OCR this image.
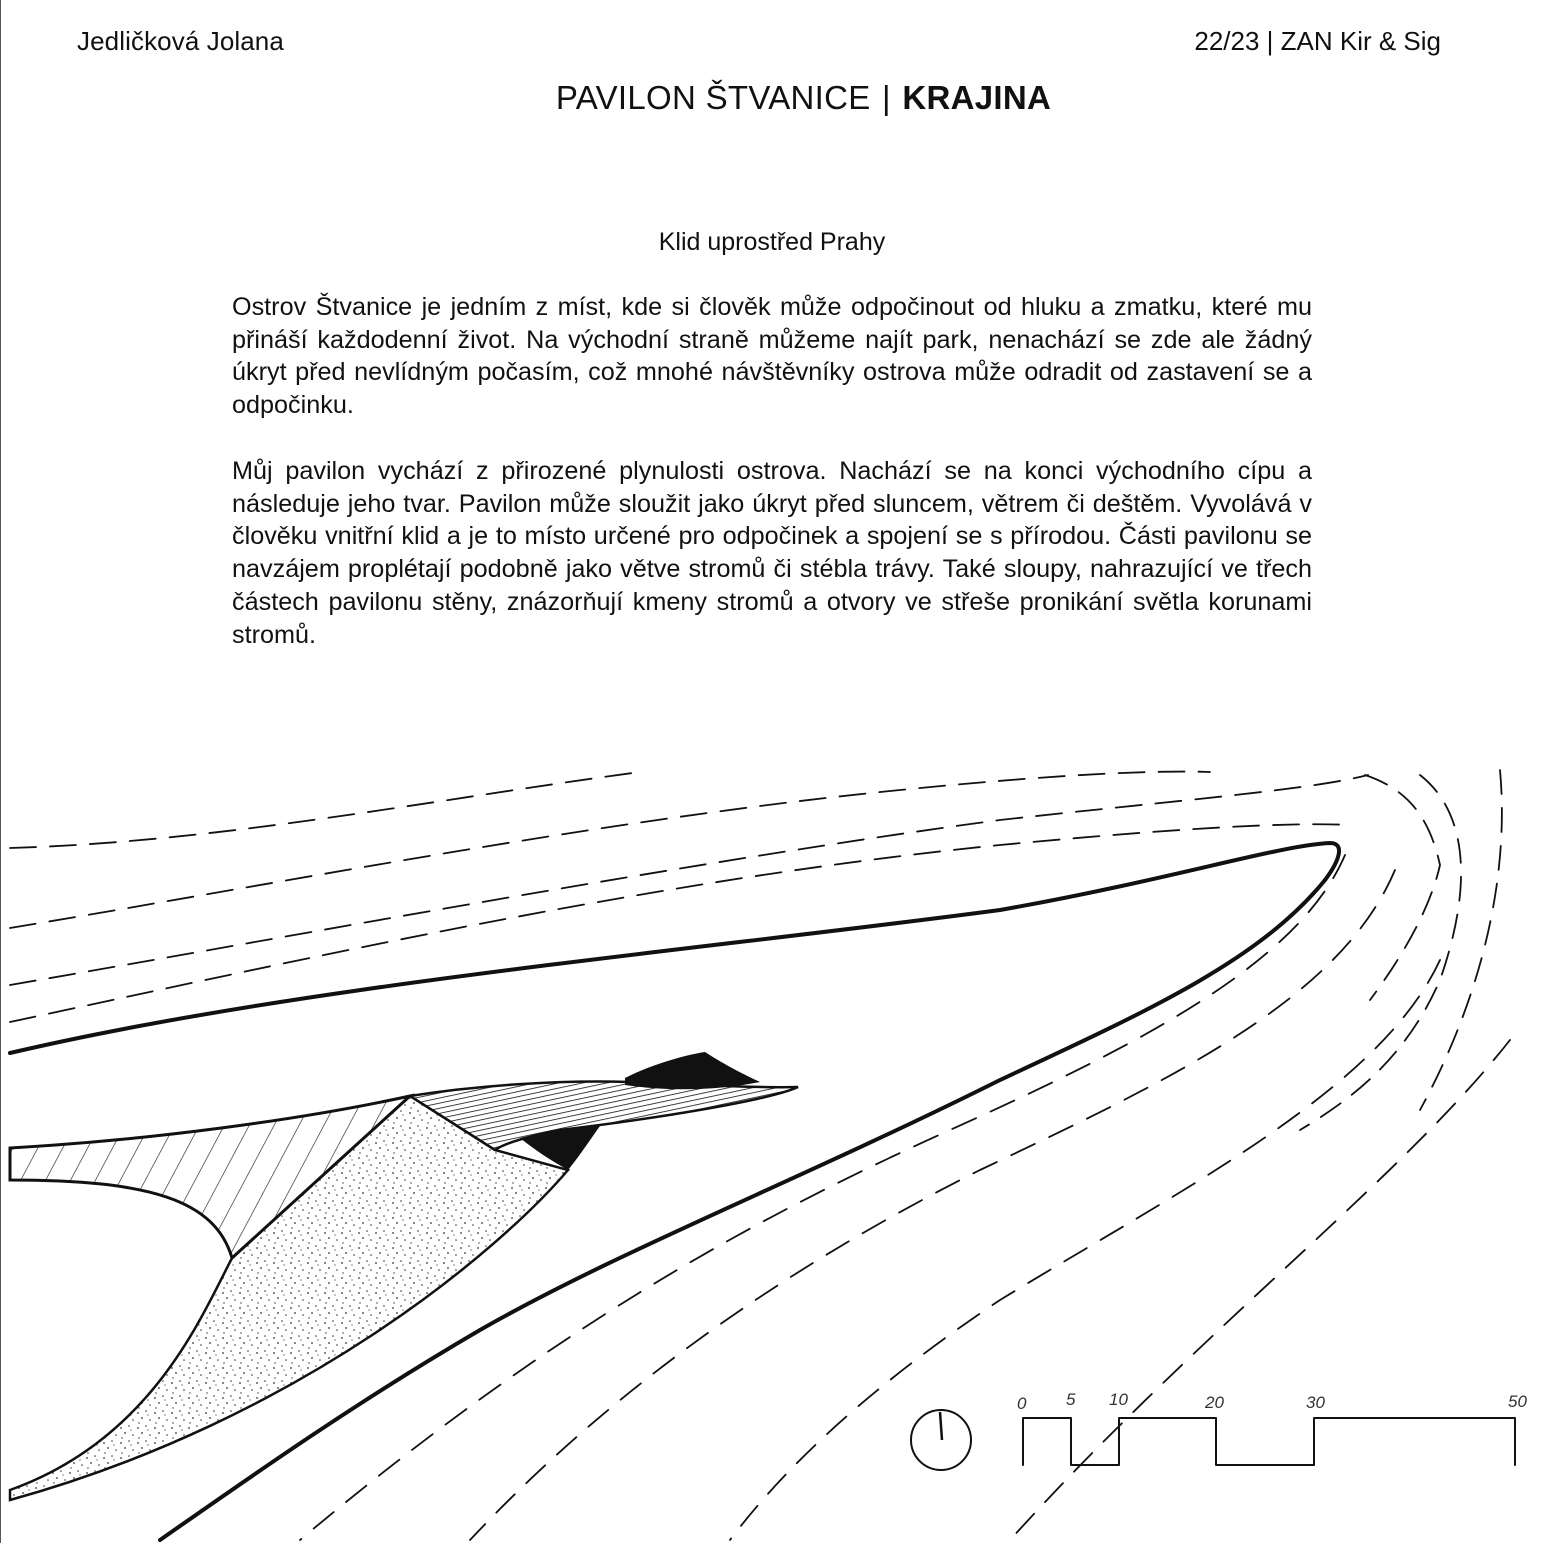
Jedličková Jolana	22/23 | ZAN Kir & Sig
PAVILON ŠTVANICE | KRAJINA
Klid uprostřed Prahy

Ostrov Štvanice je jedním z míst, kde si člověk může odpočinout od hluku a zmatku, které mu přináší každodenní život. Na východní straně můžeme najít park, nenachází se zde ale žádný úkryt před nevlídným počasím, což mnohé návštěvníky ostrova může odradit od zastavení se a odpočinku.

Můj pavilon vychází z přirozené plynulosti ostrova. Nachází se na konci východního cípu a následuje jeho tvar. Pavilon může sloužit jako úkryt před sluncem, větrem či deštěm. Vyvolává v člověku vnitřní klid a je to místo určené pro odpočinek a spojení se s přírodou. Části pavilonu se navzájem proplétají podobně jako větve stromů či stébla trávy. Také sloupy, nahrazující ve třech částech pavilonu stěny, znázorňují kmeny stromů a otvory ve střeše pronikání světla korunami stromů.

0 5 10	20	30	50
